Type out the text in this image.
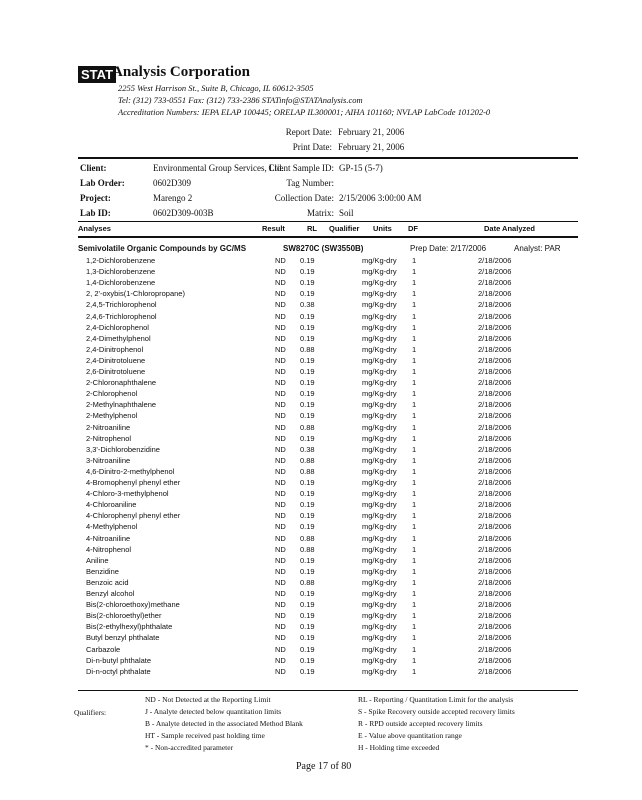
STAT
Analysis Corporation
2255 West Harrison St., Suite B, Chicago, IL 60612-3505
Tel: (312) 733-0551 Fax: (312) 733-2386 STATinfo@STATAnalysis.com
Accreditation Numbers: IEPA ELAP 100445; ORELAP IL300001; AIHA 101160; NVLAP LabCode 101202-0
Report Date: February 21, 2006
Print Date: February 21, 2006
Client:	Environmental Group Services, Ltd.
Lab Order:	0602D309
Project:	Marengo 2
Lab ID:	0602D309-003B
Client Sample ID: GP-15 (5-7)
Tag Number:
Collection Date: 2/15/2006 3:00:00 AM
Matrix: Soil
Analyses	Result	RL Qualifier Units DF	Date Analyzed
Semivolatile Organic Compounds by GC/MS	SW8270C (SW3550B)	Prep Date: 2/17/2006	Analyst: PAR
1,2-Dichlorobenzene	ND 0.19	mg/Kg-dry 1	2/18/2006
1,3-Dichlorobenzene	ND 0.19	mg/Kg-dry 1	2/18/2006
1,4-Dichlorobenzene	ND 0.19	mg/Kg-dry 1	2/18/2006
2, 2'-oxybis(1-Chloropropane)	ND 0.19	mg/Kg-dry 1	2/18/2006
2,4,5-Trichlorophenol	ND 0.38	mg/Kg-dry 1	2/18/2006
2,4,6-Trichlorophenol	ND 0.19	mg/Kg-dry 1	2/18/2006
2,4-Dichlorophenol	ND 0.19	mg/Kg-dry 1	2/18/2006
2,4-Dimethylphenol	ND 0.19	mg/Kg-dry 1	2/18/2006
2,4-Dinitrophenol	ND 0.88	mg/Kg-dry 1	2/18/2006
2,4-Dinitrotoluene	ND 0.19	mg/Kg-dry 1	2/18/2006
2,6-Dinitrotoluene	ND 0.19	mg/Kg-dry 1	2/18/2006
2-Chloronaphthalene	ND 0.19	mg/Kg-dry 1	2/18/2006
2-Chlorophenol	ND 0.19	mg/Kg-dry 1	2/18/2006
2-Methylnaphthalene	ND 0.19	mg/Kg-dry 1	2/18/2006
2-Methylphenol	ND 0.19	mg/Kg-dry 1	2/18/2006
2-Nitroaniline	ND 0.88	mg/Kg-dry 1	2/18/2006
2-Nitrophenol	ND 0.19	mg/Kg-dry 1	2/18/2006
3,3'-Dichlorobenzidine	ND 0.38	mg/Kg-dry 1	2/18/2006
3-Nitroaniline	ND 0.88	mg/Kg-dry 1	2/18/2006
4,6-Dinitro-2-methylphenol	ND 0.88	mg/Kg-dry 1	2/18/2006
4-Bromophenyl phenyl ether	ND 0.19	mg/Kg-dry 1	2/18/2006
4-Chloro-3-methylphenol	ND 0.19	mg/Kg-dry 1	2/18/2006
4-Chloroaniline	ND 0.19	mg/Kg-dry 1	2/18/2006
4-Chlorophenyl phenyl ether	ND 0.19	mg/Kg-dry 1	2/18/2006
4-Methylphenol	ND 0.19	mg/Kg-dry 1	2/18/2006
4-Nitroaniline	ND 0.88	mg/Kg-dry 1	2/18/2006
4-Nitrophenol	ND 0.88	mg/Kg-dry 1	2/18/2006
Aniline	ND 0.19	mg/Kg-dry 1	2/18/2006
Benzidine	ND 0.19	mg/Kg-dry 1	2/18/2006
Benzoic acid	ND 0.88	mg/Kg-dry 1	2/18/2006
Benzyl alcohol	ND 0.19	mg/Kg-dry 1	2/18/2006
Bis(2-chloroethoxy)methane	ND 0.19	mg/Kg-dry 1	2/18/2006
Bis(2-chloroethyl)ether	ND 0.19	mg/Kg-dry 1	2/18/2006
Bis(2-ethylhexyl)phthalate	ND 0.19	mg/Kg-dry 1	2/18/2006
Butyl benzyl phthalate	ND 0.19	mg/Kg-dry 1	2/18/2006
Carbazole	ND 0.19	mg/Kg-dry 1	2/18/2006
Di-n-butyl phthalate	ND 0.19	mg/Kg-dry 1	2/18/2006
Di-n-octyl phthalate	ND 0.19	mg/Kg-dry 1	2/18/2006
Qualifiers:
ND - Not Detected at the Reporting Limit
J - Analyte detected below quantitation limits
B - Analyte detected in the associated Method Blank
HT - Sample received past holding time
* - Non-accredited parameter
RL - Reporting / Quantitation Limit for the analysis
S - Spike Recovery outside accepted recovery limits
R - RPD outside accepted recovery limits
E - Value above quantitation range
H - Holding time exceeded
Page 17 of 80
